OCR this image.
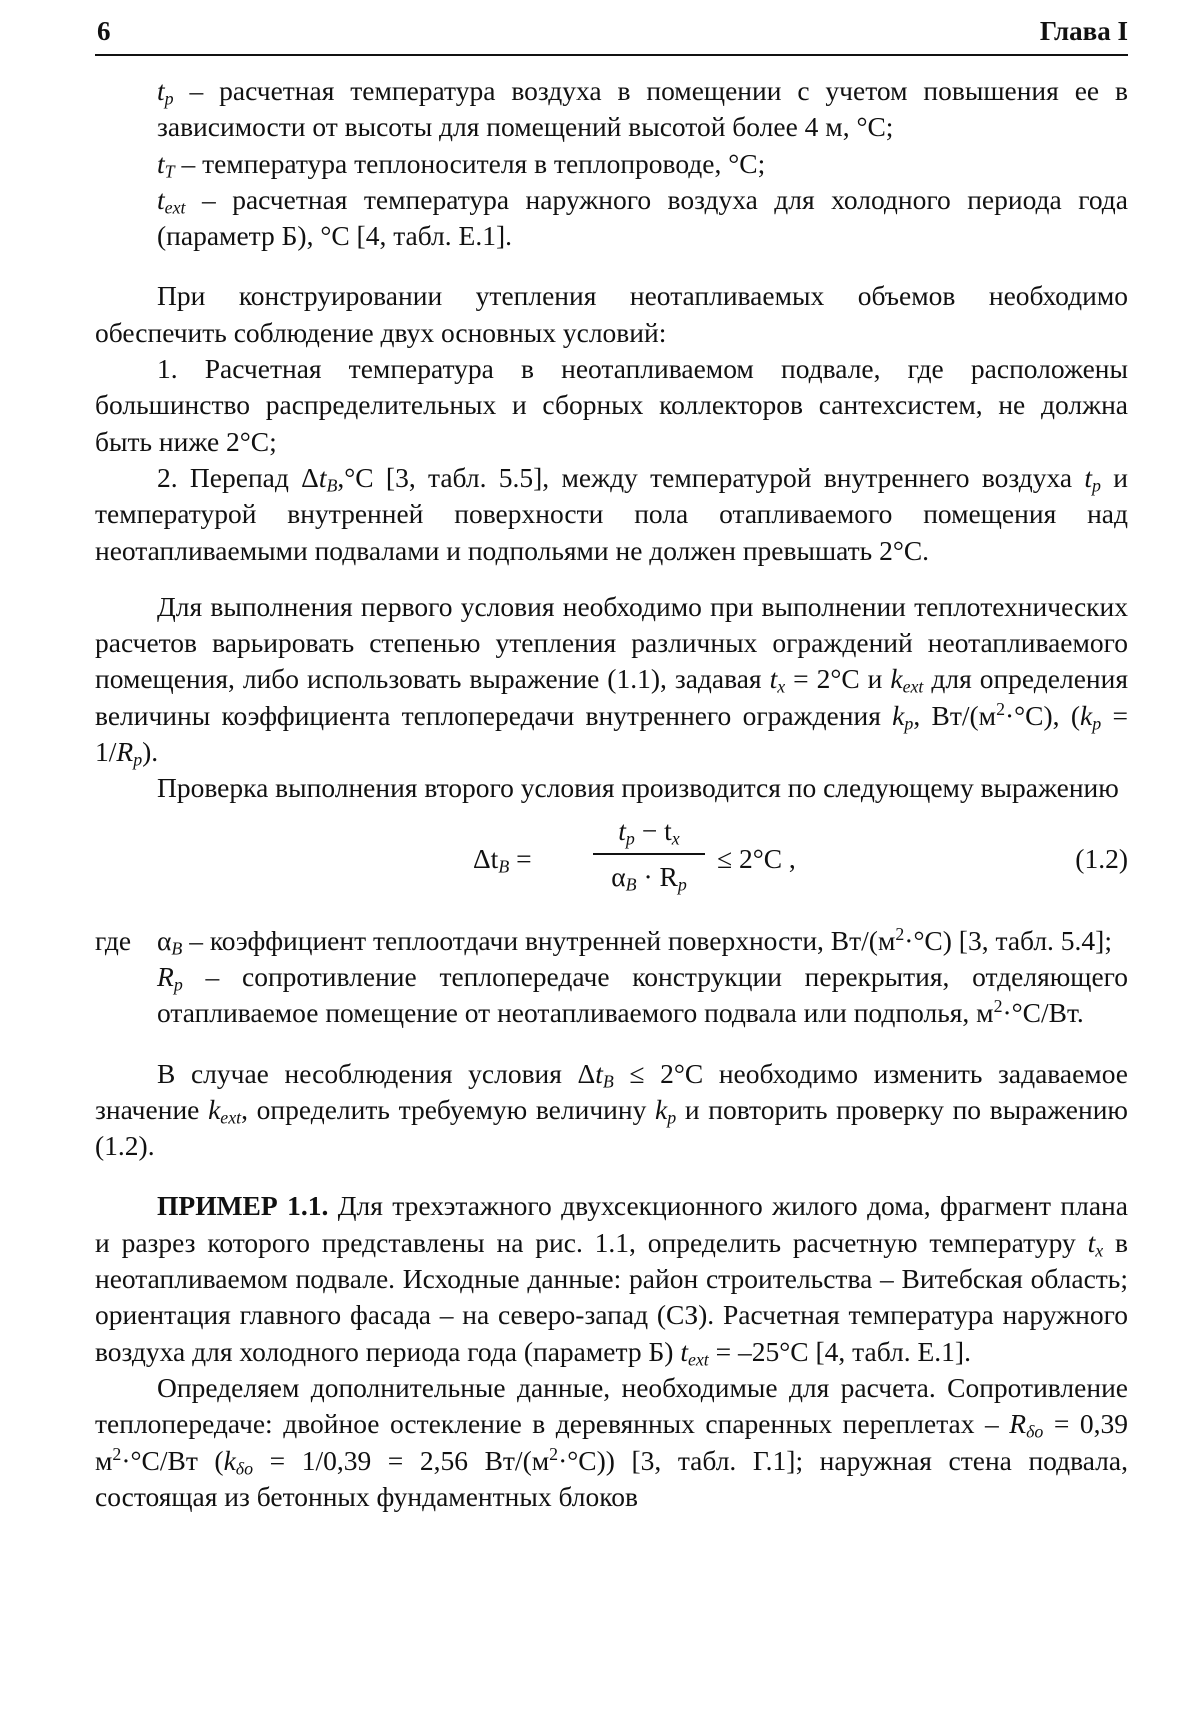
6	Глава I

$t_p$ – расчетная температура воздуха в помещении с учетом повышения ее в зависимости от высоты для помещений высотой более 4 м, °С;

$t_T$ – температура теплоносителя в теплопроводе, °С;

$t_{ext}$ – расчетная температура наружного воздуха для холодного периода года (параметр Б), °С [4, табл. Е.1].

При конструировании утепления неотапливаемых объемов необходимо обеспечить соблюдение двух основных условий:

1. Расчетная температура в неотапливаемом подвале, где расположены большинство распределительных и сборных коллекторов сантехсистем, не должна быть ниже 2°С;

2. Перепад $\Delta t_B,^\circ С$ [3, табл. 5.5], между температурой внутреннего воздуха $t_p$ и температурой внутренней поверхности пола отапливаемого помещения над неотапливаемыми подвалами и подпольями не должен превышать 2°С.

Для выполнения первого условия необходимо при выполнении теплотехнических расчетов варьировать степенью утепления различных ограждений неотапливаемого помещения, либо использовать выражение (1.1), задавая $t_x = 2^\circ С$ и $k_{ext}$ для определения величины коэффициента теплопередачи внутреннего ограждения $k_p$, $Вт/(м^2\cdot^\circ С)$, $(k_p = 1/R_p)$.

Проверка выполнения второго условия производится по следующему выражению

$\Delta t_B$ =
$t_p - t_x$
$\alpha_B \cdot R_p$
≤ 2°С ,	(1.2)
где $\alpha_B$ – коэффициент теплоотдачи внутренней поверхности, $Вт/(м^2\cdot^\circ С)$ [3, табл. 5.4];

$R_p$ – сопротивление теплопередаче конструкции перекрытия, отделяющего отапливаемое помещение от неотапливаемого подвала или подполья, $м^2\cdot^\circ С/Вт$.

В случае несоблюдения условия $\Delta t_B \le 2^\circ С$ необходимо изменить задаваемое значение $k_{ext}$, определить требуемую величину $k_p$ и повторить проверку по выражению (1.2).

ПРИМЕР 1.1. Для трехэтажного двухсекционного жилого дома, фрагмент плана и разрез которого представлены на рис. 1.1, определить расчетную температуру $t_x$ в неотапливаемом подвале. Исходные данные: район строительства – Витебская область; ориентация главного фасада – на северо-запад (СЗ). Расчетная температура наружного воздуха для холодного периода года (параметр Б) $t_{ext} = -25^\circ С$ [4, табл. Е.1].

Определяем дополнительные данные, необходимые для расчета. Сопротивление теплопередаче: двойное остекление в деревянных спаренных переплетах – $R_{\delta o} = 0,39$ $м^2\cdot^\circ С/Вт$ ($k_{\delta o} = 1/0,39 = 2,56$ $Вт/(м^2\cdot^\circ С)$) [3, табл. Г.1]; наружная стена подвала, состоящая из бетонных фундаментных блоков
